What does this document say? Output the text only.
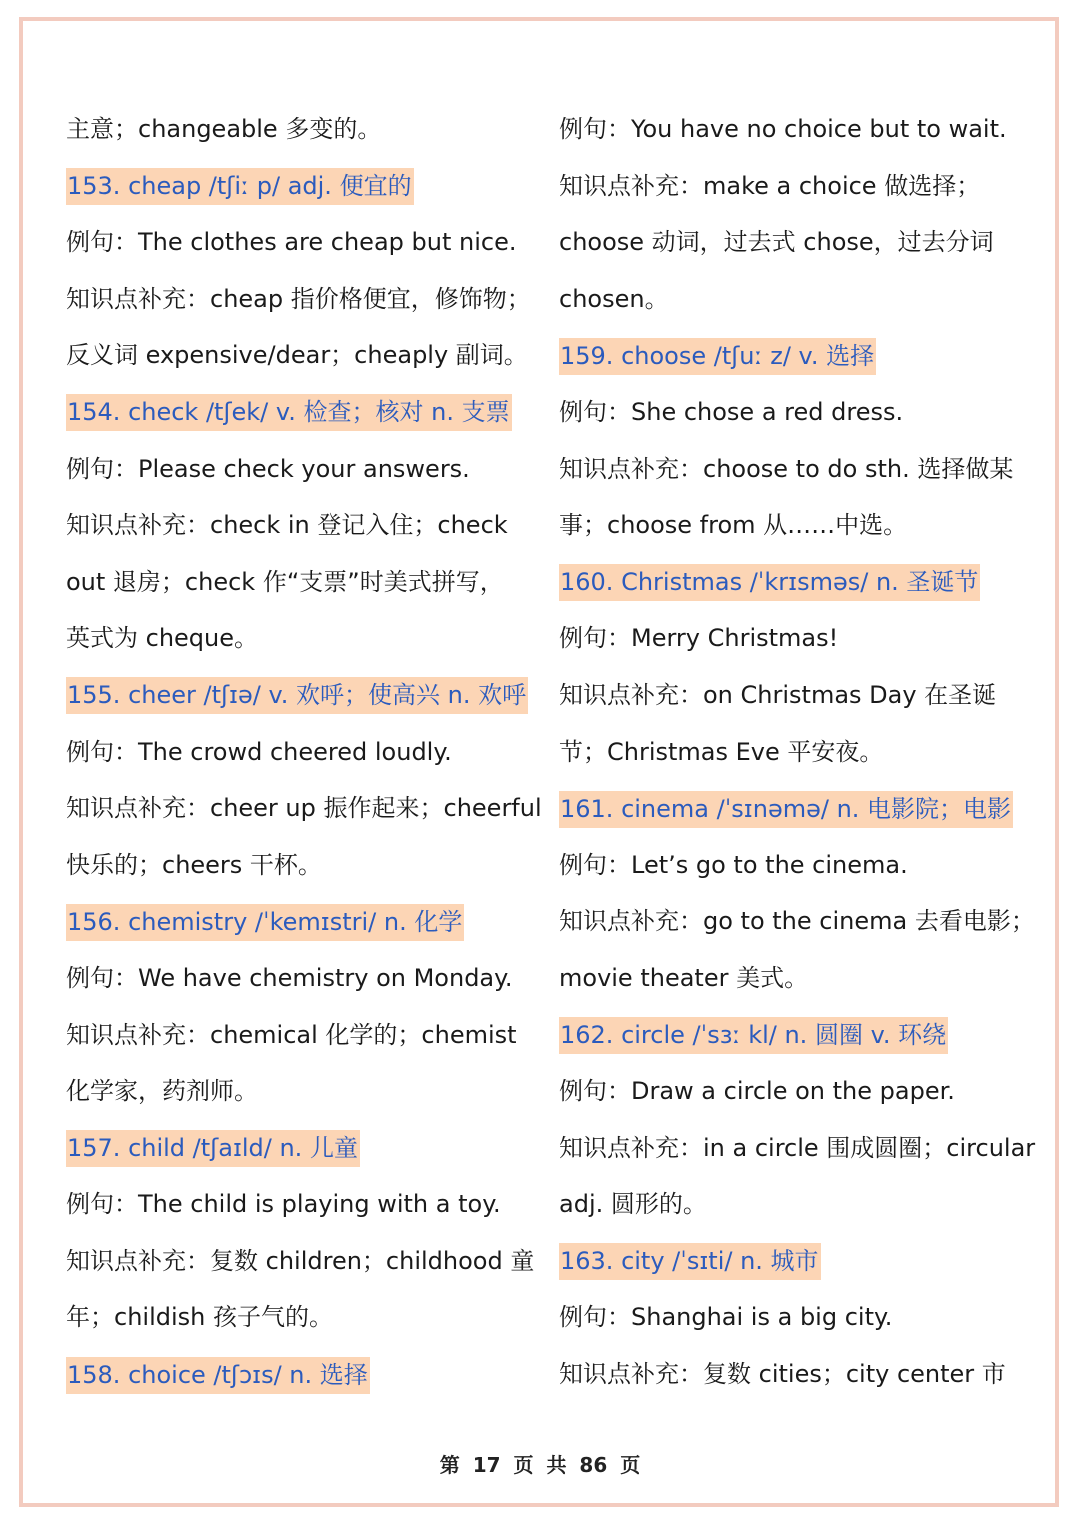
主意；changeable 多变的。
153. cheap /tʃiː p/ adj. 便宜的
例句：The clothes are cheap but nice.
知识点补充：cheap 指价格便宜，修饰物；
反义词 expensive/dear；cheaply 副词。
154. check /tʃek/ v. 检查；核对 n. 支票
例句：Please check your answers.
知识点补充：check in 登记入住；check
out 退房；check 作“支票”时美式拼写，
英式为 cheque。
155. cheer /tʃɪə/ v. 欢呼；使高兴 n. 欢呼
例句：The crowd cheered loudly.
知识点补充：cheer up 振作起来；cheerful
快乐的；cheers 干杯。
156. chemistry /ˈkemɪstri/ n. 化学
例句：We have chemistry on Monday.
知识点补充：chemical 化学的；chemist
化学家，药剂师。
157. child /tʃaɪld/ n. 儿童
例句：The child is playing with a toy.
知识点补充：复数 children；childhood 童
年；childish 孩子气的。
158. choice /tʃɔɪs/ n. 选择
例句：You have no choice but to wait.
知识点补充：make a choice 做选择；
choose 动词，过去式 chose，过去分词
chosen。
159. choose /tʃuː z/ v. 选择
例句：She chose a red dress.
知识点补充：choose to do sth. 选择做某
事；choose from 从……中选。
160. Christmas /ˈkrɪsməs/ n. 圣诞节
例句：Merry Christmas!
知识点补充：on Christmas Day 在圣诞
节；Christmas Eve 平安夜。
161. cinema /ˈsɪnəmə/ n. 电影院；电影
例句：Let’s go to the cinema.
知识点补充：go to the cinema 去看电影；
movie theater 美式。
162. circle /ˈsɜː kl/ n. 圆圈 v. 环绕
例句：Draw a circle on the paper.
知识点补充：in a circle 围成圆圈；circular
adj. 圆形的。
163. city /ˈsɪti/ n. 城市
例句：Shanghai is a big city.
知识点补充：复数 cities；city center 市
第 17 页 共 86 页
